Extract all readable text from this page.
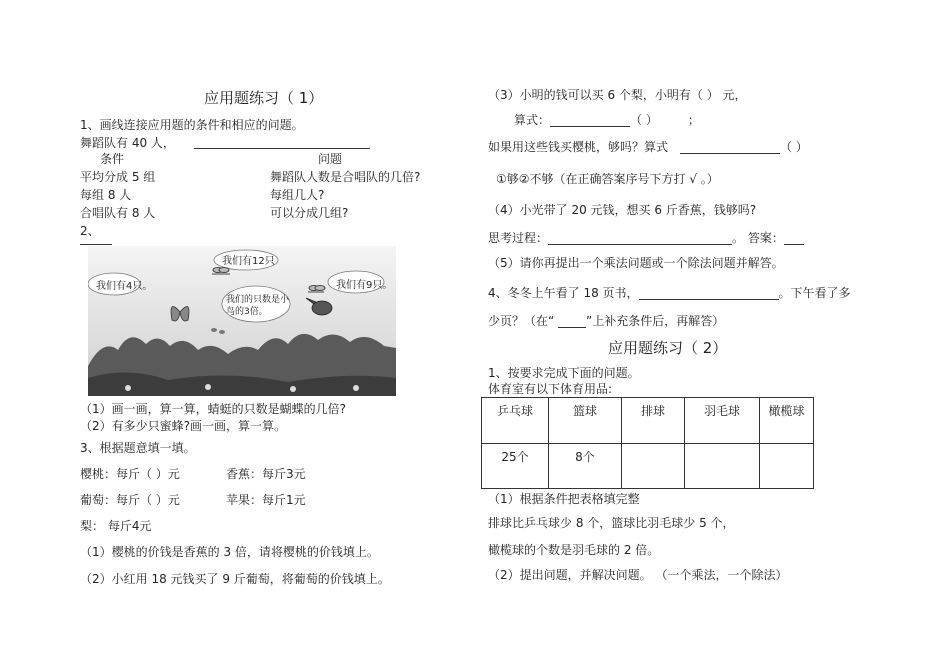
应用题练习（ 1）
1、画线连接应用题的条件和相应的问题。
舞蹈队有 40 人，
条件	问题
平均分成 5 组	舞蹈队人数是合唱队的几倍?
每组 8 人	每组几人?
合唱队有 8 人	可以分成几组?
2、
我们有4只。
我们有12只
我们的只数是小鸟的3倍。
我们有9只。
（1）画一画，算一算，蜻蜓的只数是蝴蝶的几倍?
（2）有多少只蜜蜂?画一画，算一算。
3、根据题意填一填。
樱桃：每斤（ ）元	香蕉：每斤3元
葡萄：每斤（ ）元	苹果：每斤1元
梨： 每斤4元
（1）樱桃的价钱是香蕉的 3 倍，请将樱桃的价钱填上。
（2）小红用 18 元钱买了 9 斤葡萄，将葡萄的价钱填上。
（3）小明的钱可以买 6 个梨，小明有（ ） 元，
算式：	（ ）	；
如果用这些钱买樱桃，够吗？算式	（ ）
①够②不够（在正确答案序号下方打 √ 。）
（4）小光带了 20 元钱，想买 6 斤香蕉，钱够吗?
思考过程：	。 答案：
（5）请你再提出一个乘法问题或一个除法问题并解答。
4、冬冬上午看了 18 页书，	。下午看了多
少页？（在“ ”上补充条件后，再解答）
应用题练习（ 2）
1、按要求完成下面的问题。
体育室有以下体育用品:
乒乓球	篮球	排球	羽毛球	橄榄球
25个	8个			
（1）根据条件把表格填完整
排球比乒乓球少 8 个，篮球比羽毛球少 5 个，
橄榄球的个数是羽毛球的 2 倍。
（2）提出问题，并解决问题。 （一个乘法，一个除法）
